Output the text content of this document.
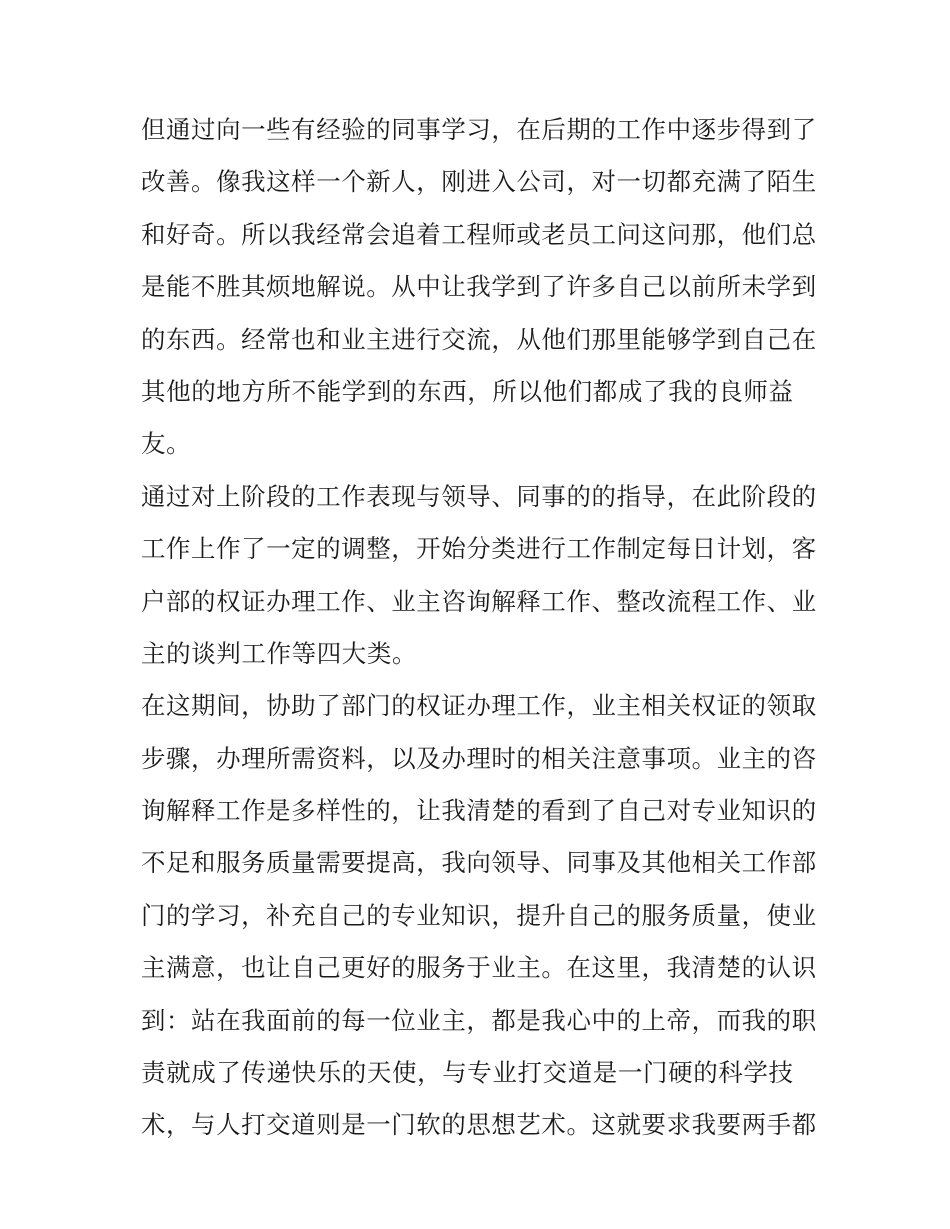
但通过向一些有经验的同事学习，在后期的工作中逐步得到了
改善。像我这样一个新人，刚进入公司，对一切都充满了陌生
和好奇。所以我经常会追着工程师或老员工问这问那，他们总
是能不胜其烦地解说。从中让我学到了许多自己以前所未学到
的东西。经常也和业主进行交流，从他们那里能够学到自己在
其他的地方所不能学到的东西，所以他们都成了我的良师益
友。
通过对上阶段的工作表现与领导、同事的的指导，在此阶段的
工作上作了一定的调整，开始分类进行工作制定每日计划，客
户部的权证办理工作、业主咨询解释工作、整改流程工作、业
主的谈判工作等四大类。
在这期间，协助了部门的权证办理工作，业主相关权证的领取
步骤，办理所需资料，以及办理时的相关注意事项。业主的咨
询解释工作是多样性的，让我清楚的看到了自己对专业知识的
不足和服务质量需要提高，我向领导、同事及其他相关工作部
门的学习，补充自己的专业知识，提升自己的服务质量，使业
主满意，也让自己更好的服务于业主。在这里，我清楚的认识
到：站在我面前的每一位业主，都是我心中的上帝，而我的职
责就成了传递快乐的天使，与专业打交道是一门硬的科学技
术，与人打交道则是一门软的思想艺术。这就要求我要两手都
